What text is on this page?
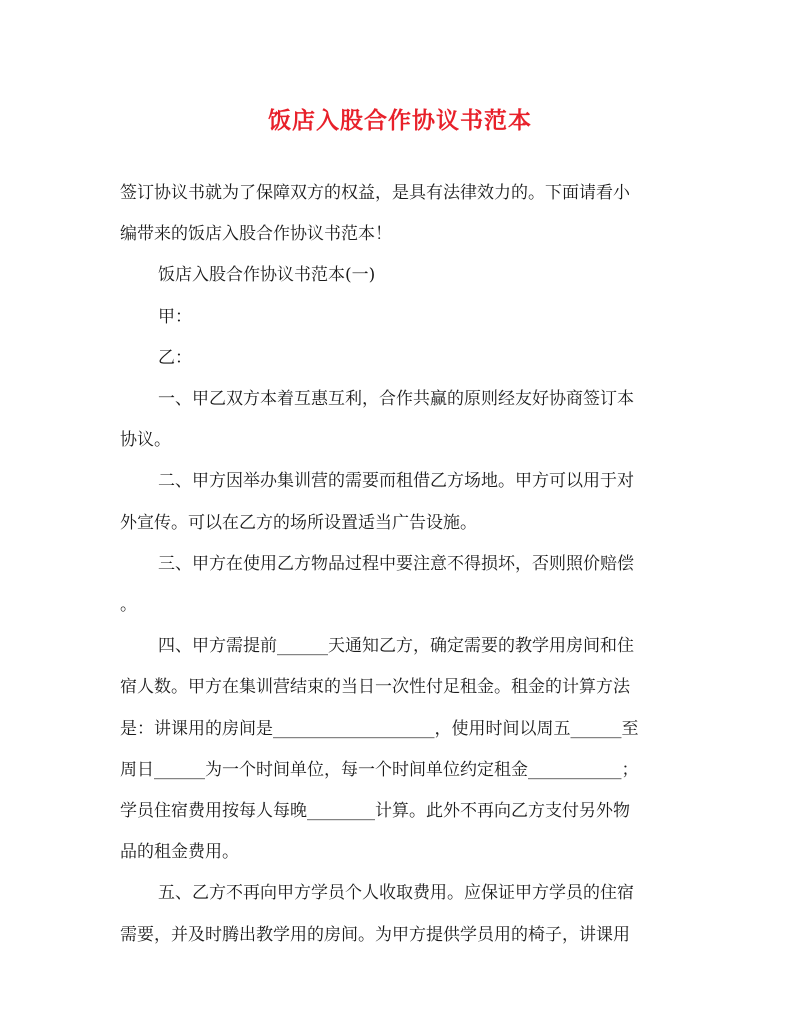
饭店入股合作协议书范本

签订协议书就为了保障双方的权益，是具有法律效力的。下面请看小

编带来的饭店入股合作协议书范本！

饭店入股合作协议书范本(一)

甲：

乙：

一、甲乙双方本着互惠互利，合作共赢的原则经友好协商签订本

协议。

二、甲方因举办集训营的需要而租借乙方场地。甲方可以用于对

外宣传。可以在乙方的场所设置适当广告设施。

三、甲方在使用乙方物品过程中要注意不得损坏，否则照价赔偿

。

四、甲方需提前______天通知乙方，确定需要的教学用房间和住

宿人数。甲方在集训营结束的当日一次性付足租金。租金的计算方法

是：讲课用的房间是___________________，使用时间以周五______至

周日______为一个时间单位，每一个时间单位约定租金___________；

学员住宿费用按每人每晚________计算。此外不再向乙方支付另外物

品的租金费用。

五、乙方不再向甲方学员个人收取费用。应保证甲方学员的住宿

需要，并及时腾出教学用的房间。为甲方提供学员用的椅子，讲课用
